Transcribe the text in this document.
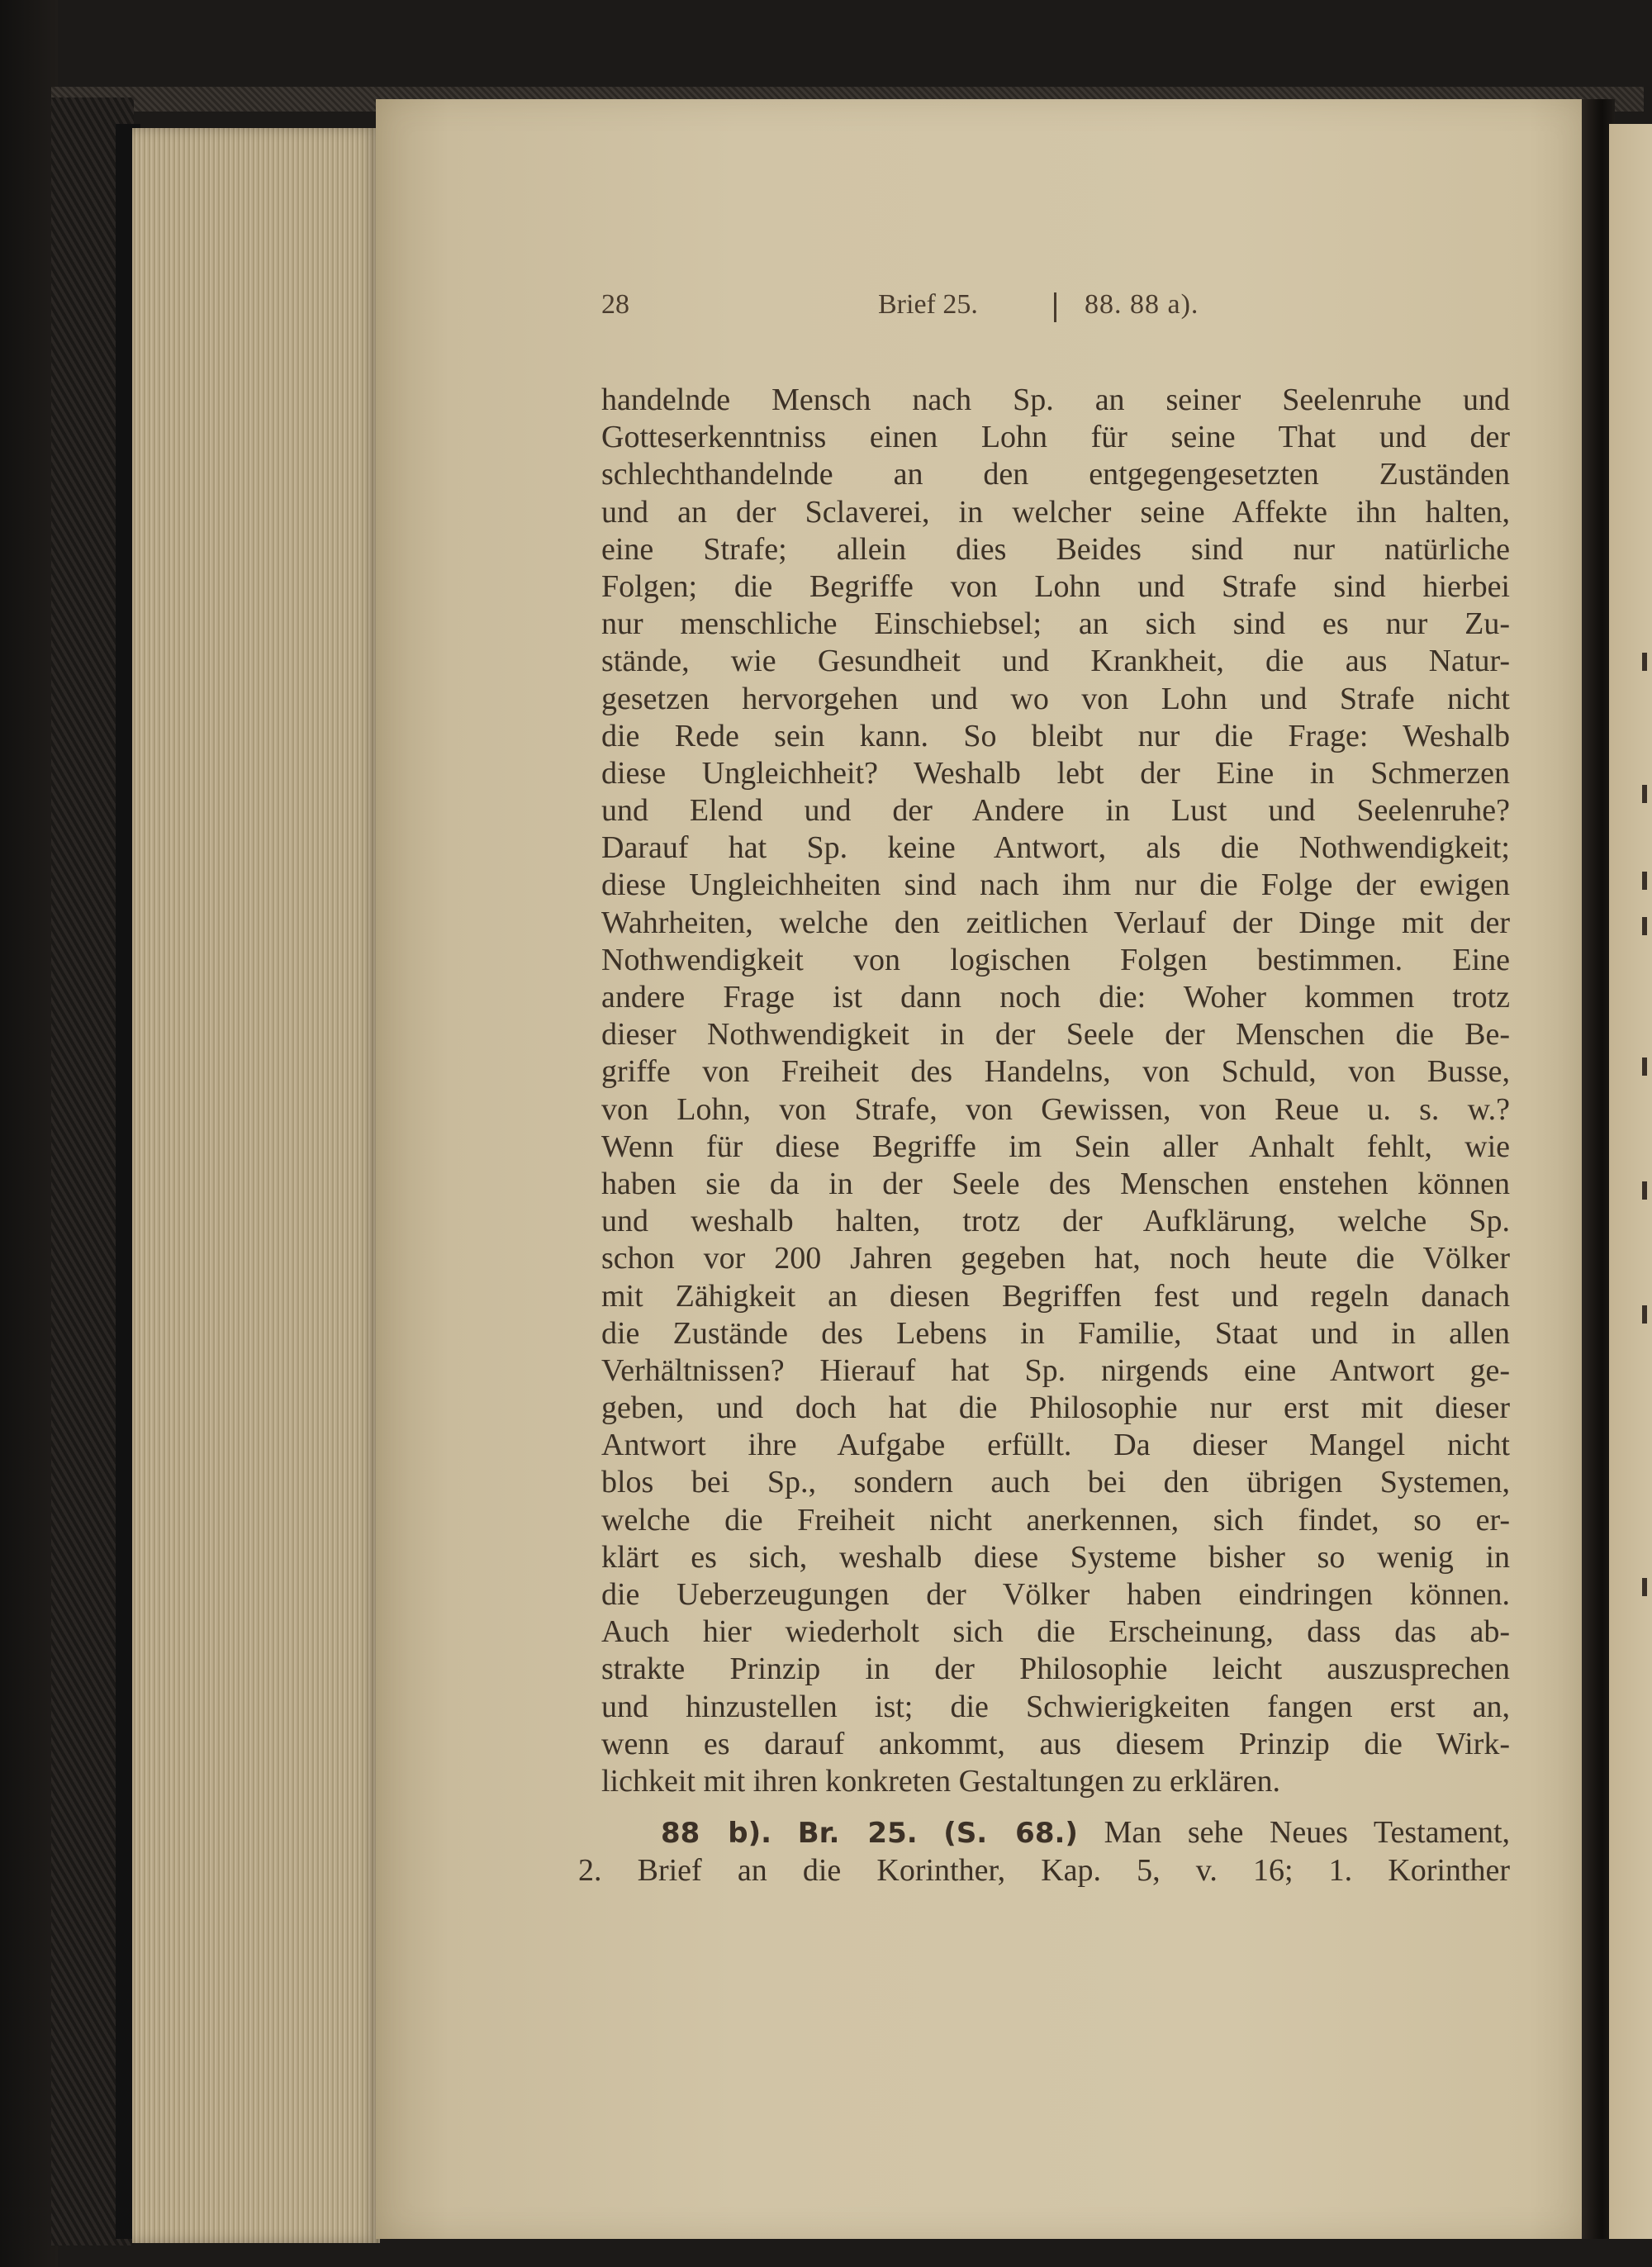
28	Brief 25.	88. 88 a).
handelnde Mensch nach Sp. an seiner Seelenruhe und
Gotteserkenntniss einen Lohn für seine That und der
schlechthandelnde an den entgegengesetzten Zuständen
und an der Sclaverei, in welcher seine Affekte ihn halten,
eine Strafe; allein dies Beides sind nur natürliche
Folgen; die Begriffe von Lohn und Strafe sind hierbei
nur menschliche Einschiebsel; an sich sind es nur Zu-
stände, wie Gesundheit und Krankheit, die aus Natur-
gesetzen hervorgehen und wo von Lohn und Strafe nicht
die Rede sein kann. So bleibt nur die Frage: Weshalb
diese Ungleichheit? Weshalb lebt der Eine in Schmerzen
und Elend und der Andere in Lust und Seelenruhe?
Darauf hat Sp. keine Antwort, als die Nothwendigkeit;
diese Ungleichheiten sind nach ihm nur die Folge der ewigen
Wahrheiten, welche den zeitlichen Verlauf der Dinge mit der
Nothwendigkeit von logischen Folgen bestimmen. Eine
andere Frage ist dann noch die: Woher kommen trotz
dieser Nothwendigkeit in der Seele der Menschen die Be-
griffe von Freiheit des Handelns, von Schuld, von Busse,
von Lohn, von Strafe, von Gewissen, von Reue u. s. w.?
Wenn für diese Begriffe im Sein aller Anhalt fehlt, wie
haben sie da in der Seele des Menschen enstehen können
und weshalb halten, trotz der Aufklärung, welche Sp.
schon vor 200 Jahren gegeben hat, noch heute die Völker
mit Zähigkeit an diesen Begriffen fest und regeln danach
die Zustände des Lebens in Familie, Staat und in allen
Verhältnissen? Hierauf hat Sp. nirgends eine Antwort ge-
geben, und doch hat die Philosophie nur erst mit dieser
Antwort ihre Aufgabe erfüllt. Da dieser Mangel nicht
blos bei Sp., sondern auch bei den übrigen Systemen,
welche die Freiheit nicht anerkennen, sich findet, so er-
klärt es sich, weshalb diese Systeme bisher so wenig in
die Ueberzeugungen der Völker haben eindringen können.
Auch hier wiederholt sich die Erscheinung, dass das ab-
strakte Prinzip in der Philosophie leicht auszusprechen
und hinzustellen ist; die Schwierigkeiten fangen erst an,
wenn es darauf ankommt, aus diesem Prinzip die Wirk-
lichkeit mit ihren konkreten Gestaltungen zu erklären.
88 b). Br. 25. (S. 68.) Man sehe Neues Testament,
2. Brief an die Korinther, Kap. 5, v. 16; 1. Korinther
